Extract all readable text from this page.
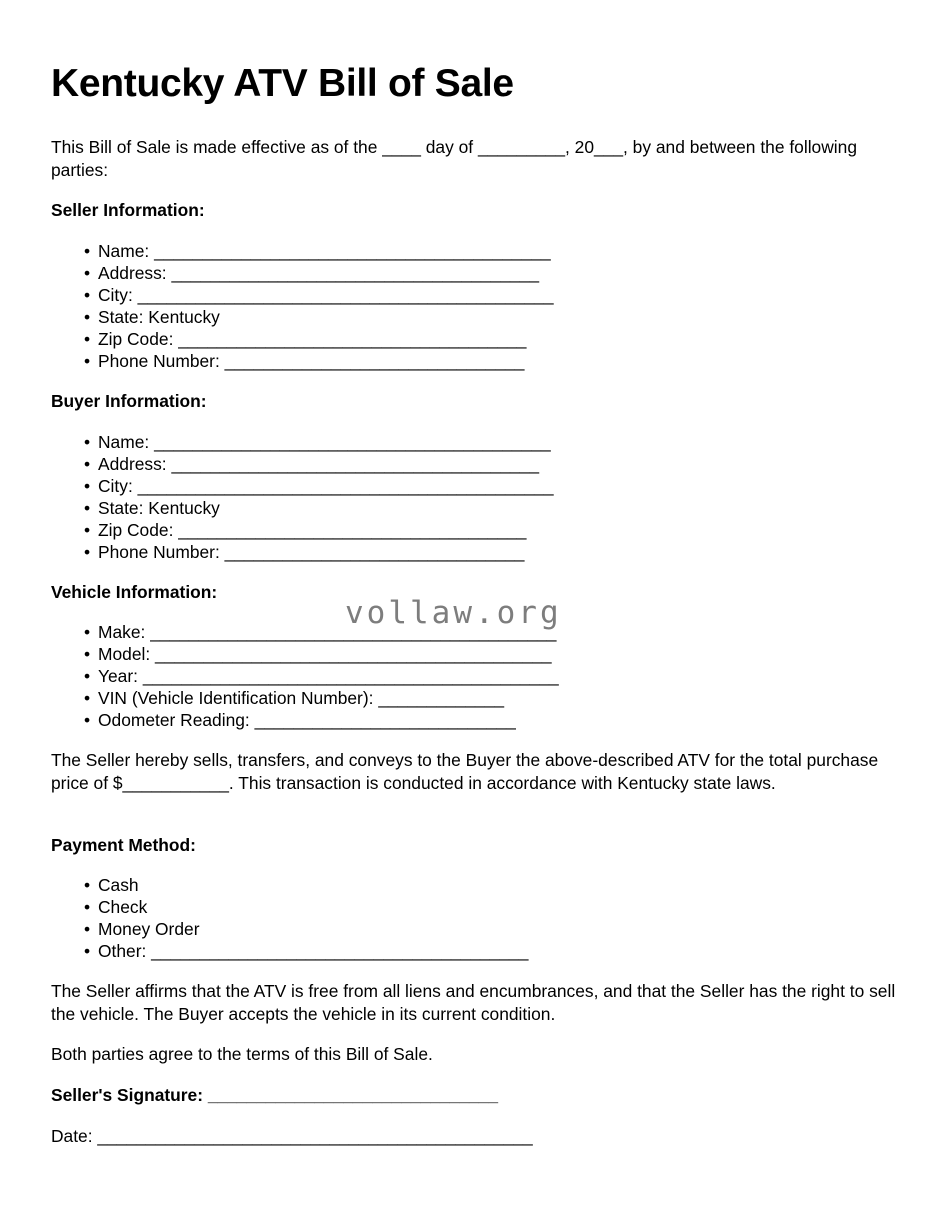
Kentucky ATV Bill of Sale

This Bill of Sale is made effective as of the ____ day of _________, 20___, by and between the following parties:

Seller Information:
• Name: _________________________________________
• Address: ______________________________________
• City: ___________________________________________
• State: Kentucky
• Zip Code: ____________________________________
• Phone Number: _______________________________
Buyer Information:
• Name: _________________________________________
• Address: ______________________________________
• City: ___________________________________________
• State: Kentucky
• Zip Code: ____________________________________
• Phone Number: _______________________________
Vehicle Information:
• Make: __________________________________________
• Model: _________________________________________
• Year: ___________________________________________
• VIN (Vehicle Identification Number): _____________
• Odometer Reading: ___________________________

The Seller hereby sells, transfers, and conveys to the Buyer the above-described ATV for the total purchase price of $___________. This transaction is conducted in accordance with Kentucky state laws.

Payment Method:
• Cash
• Check
• Money Order
• Other: _______________________________________

The Seller affirms that the ATV is free from all liens and encumbrances, and that the Seller has the right to sell the vehicle. The Buyer accepts the vehicle in its current condition.

Both parties agree to the terms of this Bill of Sale.

Seller's Signature: ______________________________
Date: _____________________________________________
vollaw.org
